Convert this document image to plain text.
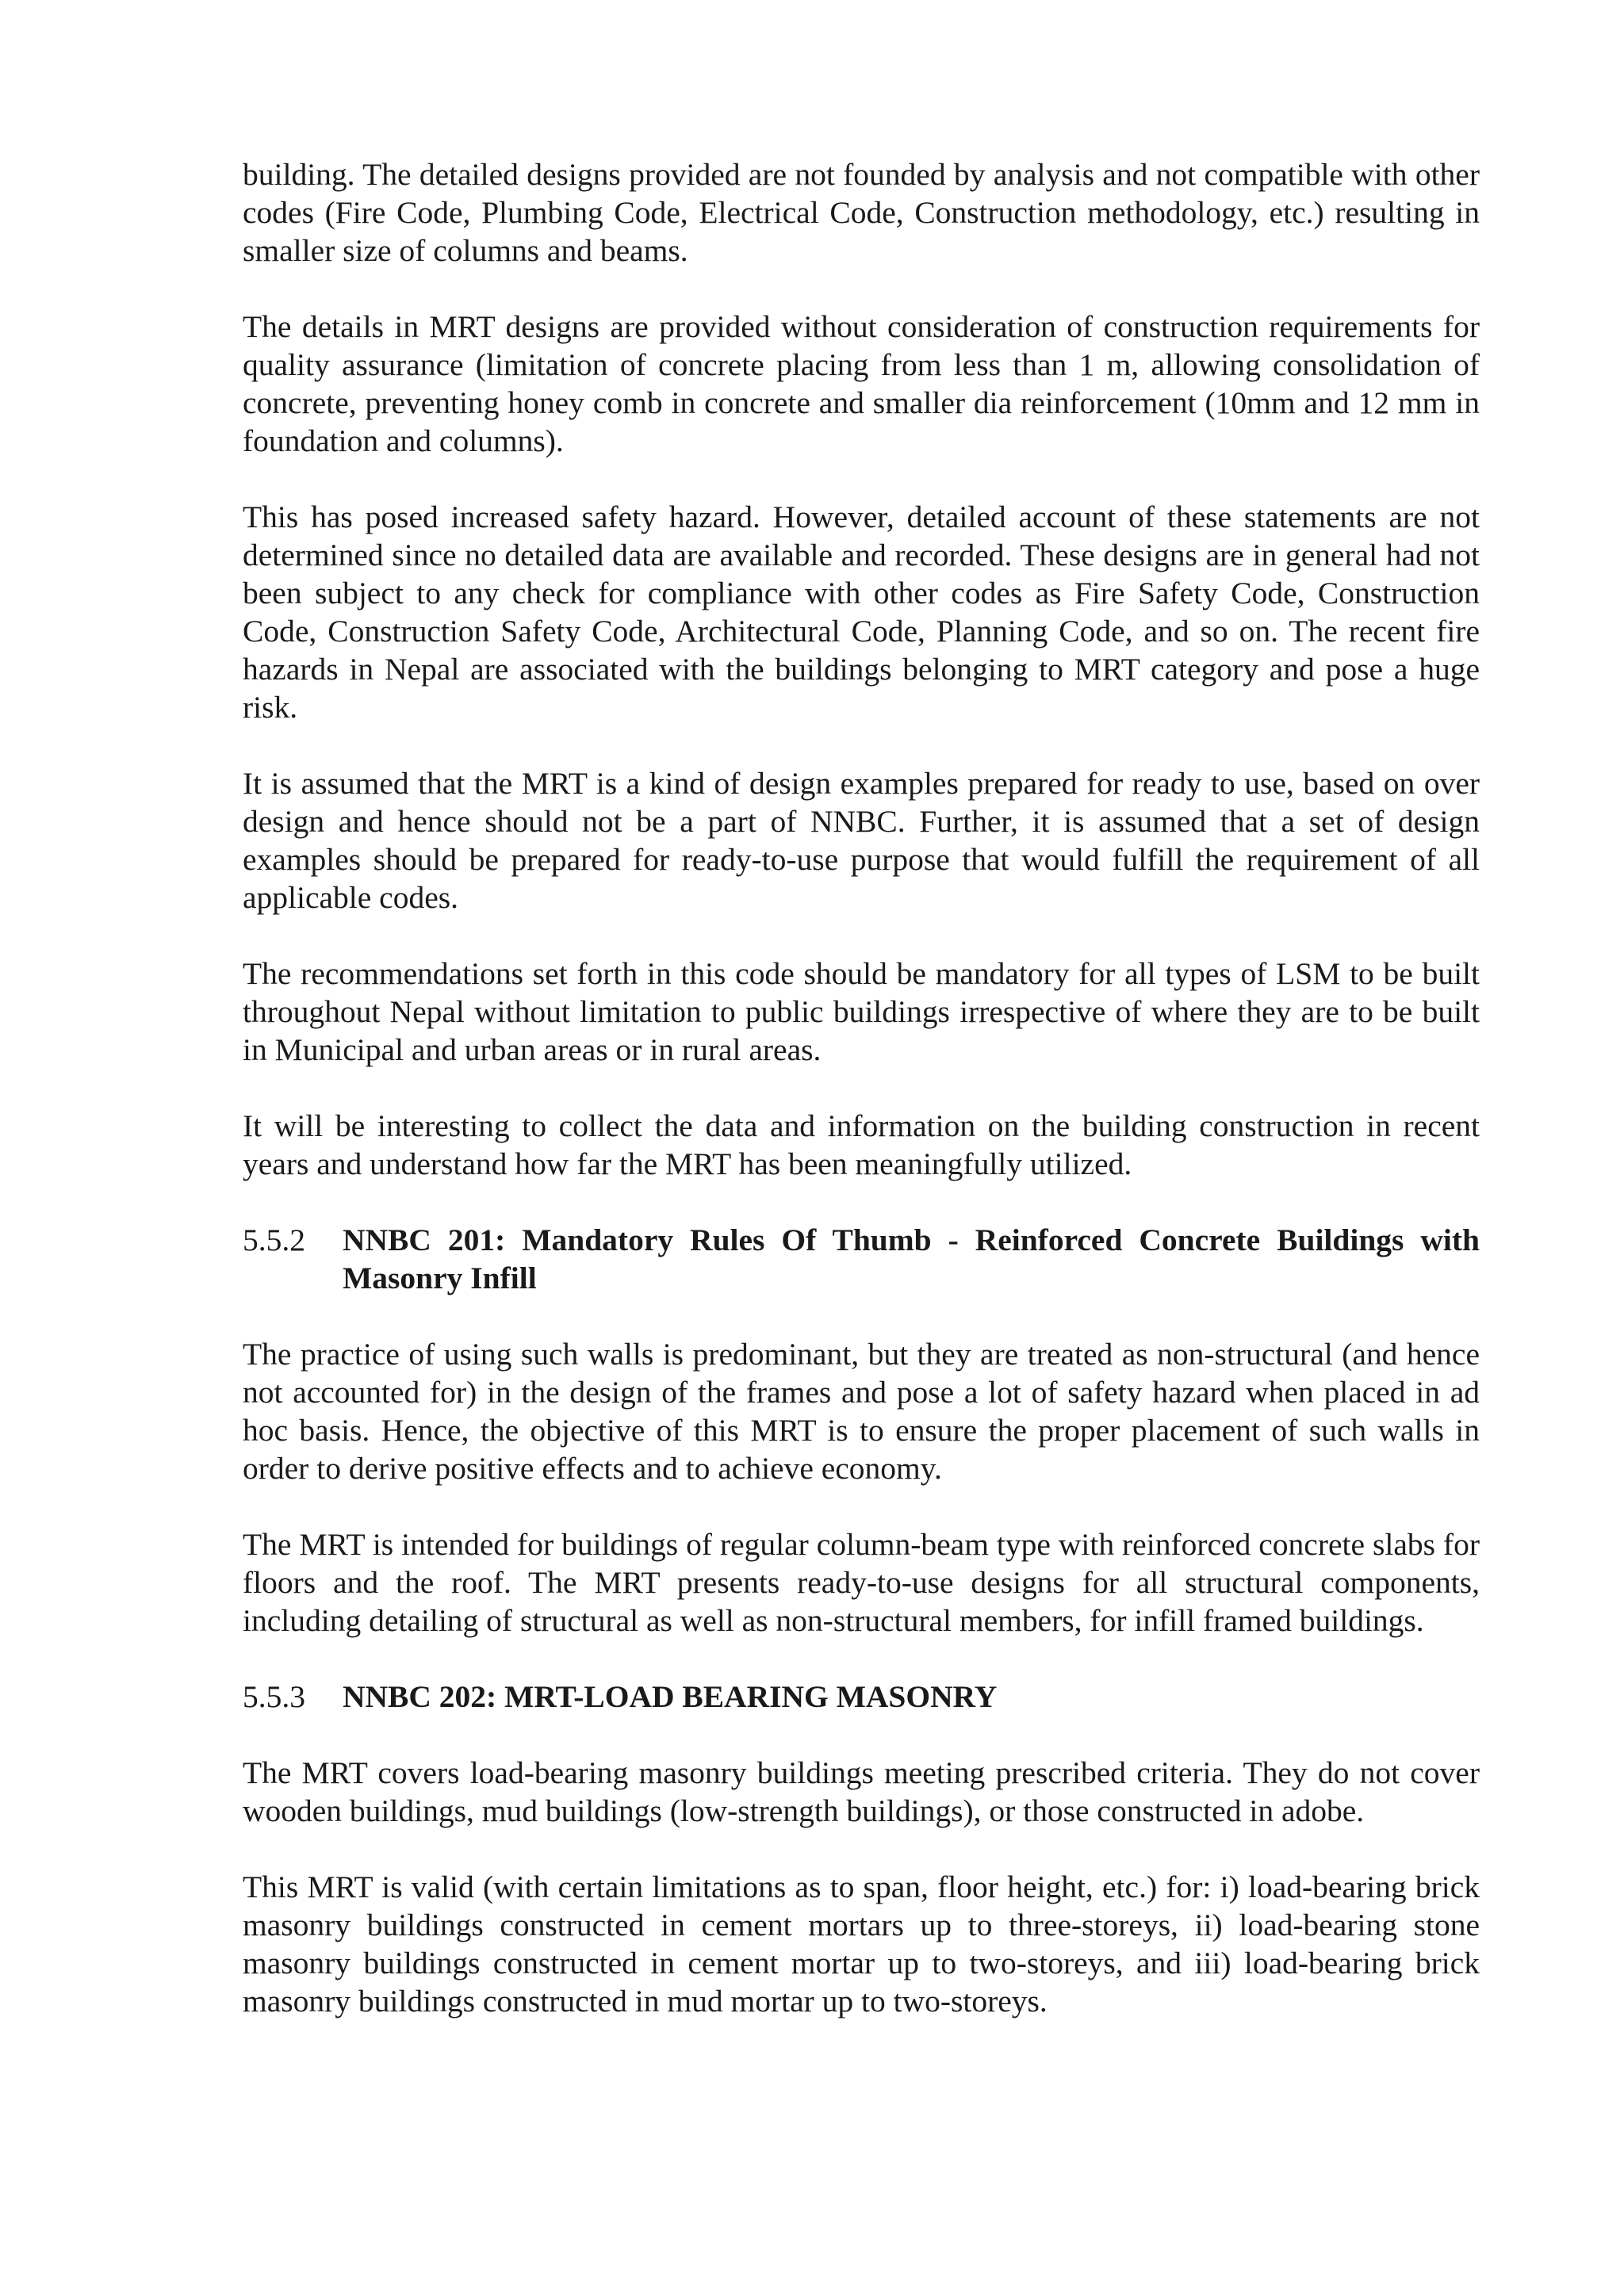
building. The detailed designs provided are not founded by analysis and not compatible with other codes (Fire Code, Plumbing Code, Electrical Code, Construction methodology, etc.) resulting in smaller size of columns and beams.

The details in MRT designs are provided without consideration of construction requirements for quality assurance (limitation of concrete placing from less than 1 m, allowing consolidation of concrete, preventing honey comb in concrete and smaller dia reinforcement (10mm and 12 mm in foundation and columns).

This has posed increased safety hazard. However, detailed account of these statements are not determined since no detailed data are available and recorded. These designs are in general had not been subject to any check for compliance with other codes as Fire Safety Code, Construction Code, Construction Safety Code, Architectural Code, Planning Code, and so on. The recent fire hazards in Nepal are associated with the buildings belonging to MRT category and pose a huge risk.

It is assumed that the MRT is a kind of design examples prepared for ready to use, based on over design and hence should not be a part of NNBC. Further, it is assumed that a set of design examples should be prepared for ready-to-use purpose that would fulfill the requirement of all applicable codes.

The recommendations set forth in this code should be mandatory for all types of LSM to be built throughout Nepal without limitation to public buildings irrespective of where they are to be built in Municipal and urban areas or in rural areas.

It will be interesting to collect the data and information on the building construction in recent years and understand how far the MRT has been meaningfully utilized.

5.5.2	NNBC 201: Mandatory Rules Of Thumb - Reinforced Concrete Buildings with Masonry Infill

The practice of using such walls is predominant, but they are treated as non-structural (and hence not accounted for) in the design of the frames and pose a lot of safety hazard when placed in ad hoc basis. Hence, the objective of this MRT is to ensure the proper placement of such walls in order to derive positive effects and to achieve economy.

The MRT is intended for buildings of regular column-beam type with reinforced concrete slabs for floors and the roof. The MRT presents ready-to-use designs for all structural components, including detailing of structural as well as non-structural members, for infill framed buildings.

5.5.3	NNBC 202: MRT-LOAD BEARING MASONRY

The MRT covers load-bearing masonry buildings meeting prescribed criteria. They do not cover wooden buildings, mud buildings (low-strength buildings), or those constructed in adobe.

This MRT is valid (with certain limitations as to span, floor height, etc.) for: i) load-bearing brick masonry buildings constructed in cement mortars up to three-storeys, ii) load-bearing stone masonry buildings constructed in cement mortar up to two-storeys, and iii) load-bearing brick masonry buildings constructed in mud mortar up to two-storeys.
